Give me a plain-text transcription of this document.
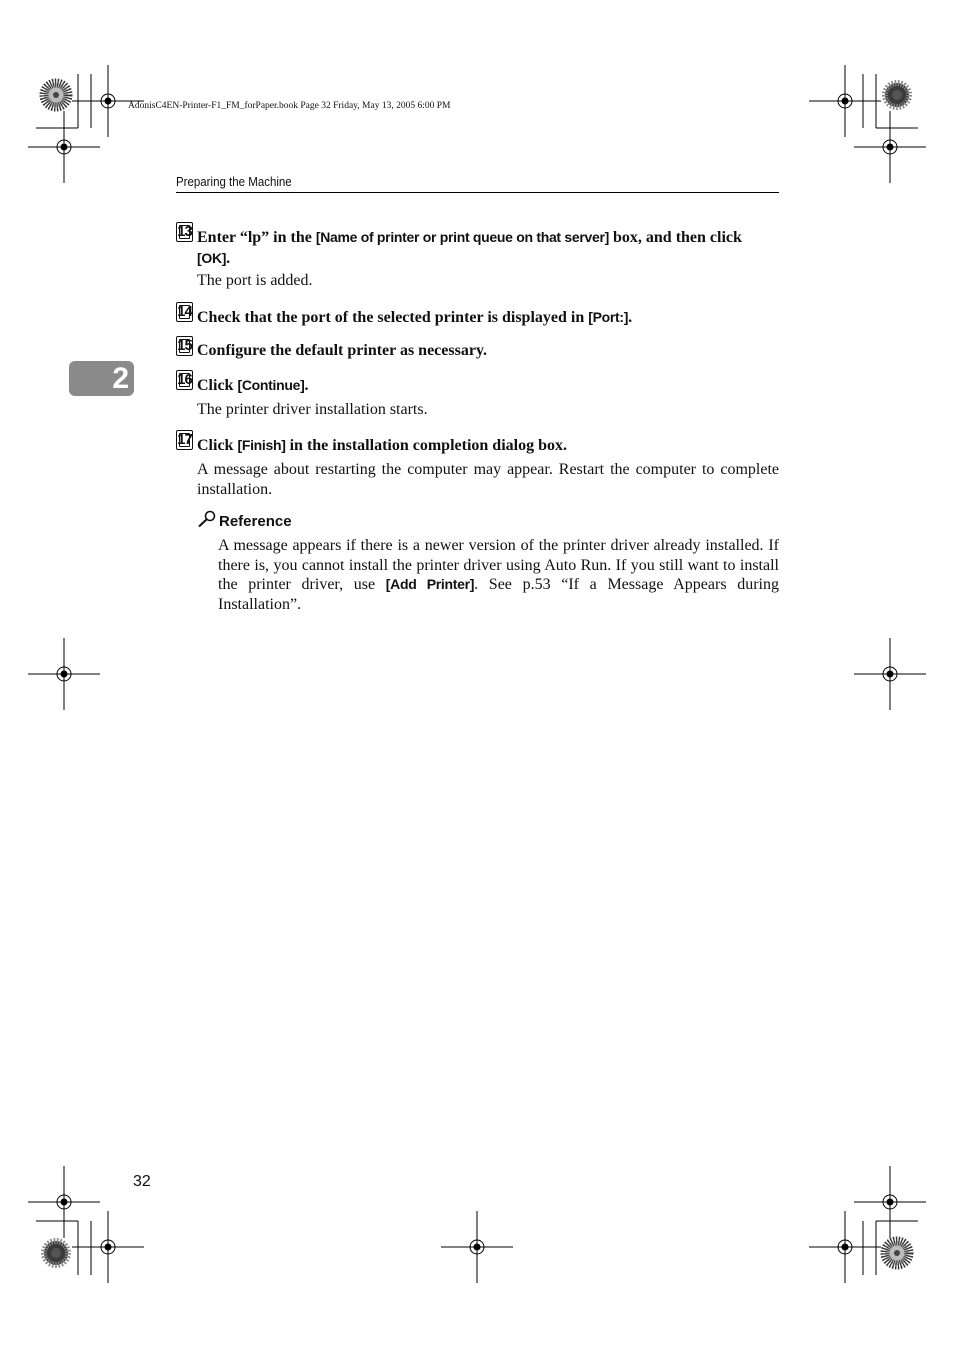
AdonisC4EN-Printer-F1_FM_forPaper.book Page 32 Friday, May 13, 2005 6:00 PM
Preparing the Machine
2
13 Enter “lp” in the [Name of printer or print queue on that server] box, and then click
[OK].
The port is added.
14 Check that the port of the selected printer is displayed in [Port:].
15 Configure the default printer as necessary.
16 Click [Continue].
The printer driver installation starts.
17 Click [Finish] in the installation completion dialog box.
A message about restarting the computer may appear. Restart the computer to complete installation.
Reference
A message appears if there is a newer version of the printer driver already installed. If there is, you cannot install the printer driver using Auto Run. If you still want to install the printer driver, use [Add Printer]. See p.53 “If a Message Appears during Installation”.
32
